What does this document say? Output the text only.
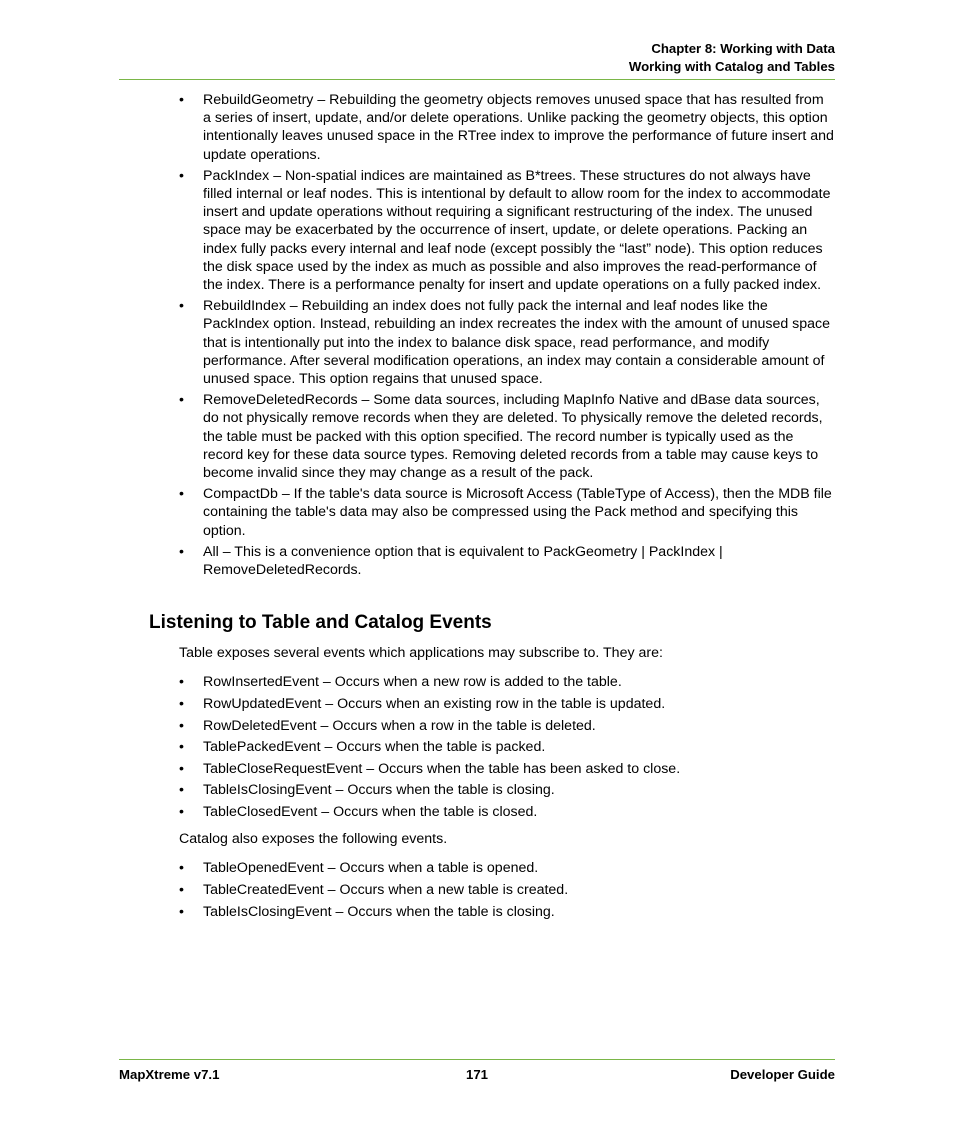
Chapter 8: Working with Data
Working with Catalog and Tables
• RebuildGeometry – Rebuilding the geometry objects removes unused space that has resulted from a series of insert, update, and/or delete operations. Unlike packing the geometry objects, this option intentionally leaves unused space in the RTree index to improve the performance of future insert and update operations.
• PackIndex – Non-spatial indices are maintained as B*trees. These structures do not always have filled internal or leaf nodes. This is intentional by default to allow room for the index to accommodate insert and update operations without requiring a significant restructuring of the index. The unused space may be exacerbated by the occurrence of insert, update, or delete operations. Packing an index fully packs every internal and leaf node (except possibly the “last” node). This option reduces the disk space used by the index as much as possible and also improves the read-performance of the index. There is a performance penalty for insert and update operations on a fully packed index.
• RebuildIndex – Rebuilding an index does not fully pack the internal and leaf nodes like the PackIndex option. Instead, rebuilding an index recreates the index with the amount of unused space that is intentionally put into the index to balance disk space, read performance, and modify performance. After several modification operations, an index may contain a considerable amount of unused space. This option regains that unused space.
• RemoveDeletedRecords – Some data sources, including MapInfo Native and dBase data sources, do not physically remove records when they are deleted. To physically remove the deleted records, the table must be packed with this option specified. The record number is typically used as the record key for these data source types. Removing deleted records from a table may cause keys to become invalid since they may change as a result of the pack.
• CompactDb – If the table's data source is Microsoft Access (TableType of Access), then the MDB file containing the table's data may also be compressed using the Pack method and specifying this option.
• All – This is a convenience option that is equivalent to PackGeometry | PackIndex | RemoveDeletedRecords.
Listening to Table and Catalog Events

Table exposes several events which applications may subscribe to. They are:

• RowInsertedEvent – Occurs when a new row is added to the table.
• RowUpdatedEvent – Occurs when an existing row in the table is updated.
• RowDeletedEvent – Occurs when a row in the table is deleted.
• TablePackedEvent – Occurs when the table is packed.
• TableCloseRequestEvent – Occurs when the table has been asked to close.
• TableIsClosingEvent – Occurs when the table is closing.
• TableClosedEvent – Occurs when the table is closed.

Catalog also exposes the following events.

• TableOpenedEvent – Occurs when a table is opened.
• TableCreatedEvent – Occurs when a new table is created.
• TableIsClosingEvent – Occurs when the table is closing.
MapXtreme v7.1	171	Developer Guide
